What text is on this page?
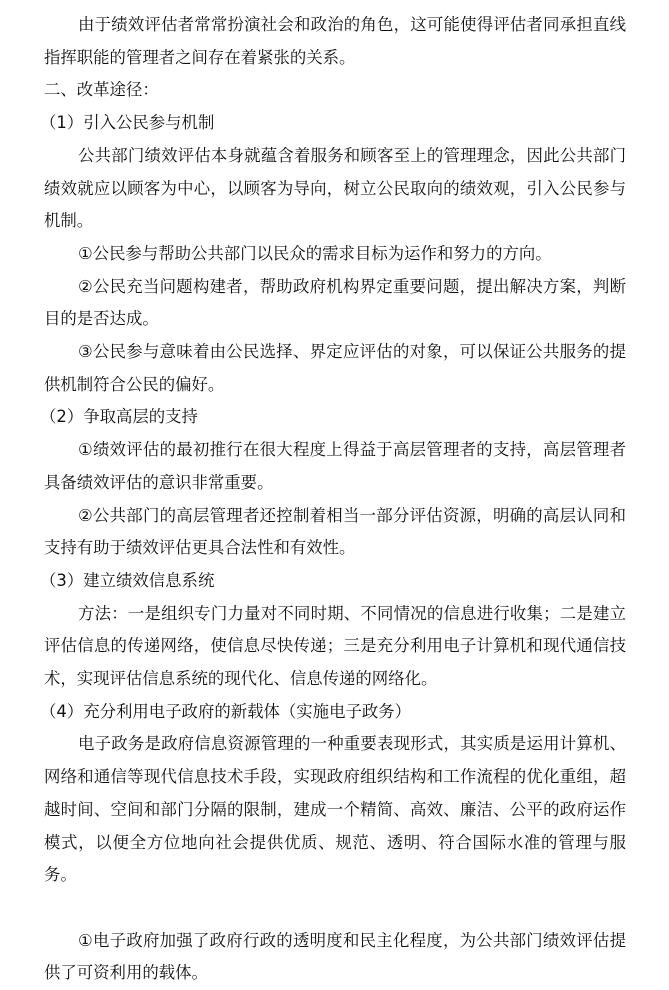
由于绩效评估者常常扮演社会和政治的角色，这可能使得评估者同承担直线指挥职能的管理者之间存在着紧张的关系。

二、改革途径：

（1）引入公民参与机制

公共部门绩效评估本身就蕴含着服务和顾客至上的管理理念，因此公共部门绩效就应以顾客为中心，以顾客为导向，树立公民取向的绩效观，引入公民参与机制。

①公民参与帮助公共部门以民众的需求目标为运作和努力的方向。

②公民充当问题构建者，帮助政府机构界定重要问题，提出解决方案，判断目的是否达成。

③公民参与意味着由公民选择、界定应评估的对象，可以保证公共服务的提供机制符合公民的偏好。

（2）争取高层的支持

①绩效评估的最初推行在很大程度上得益于高层管理者的支持，高层管理者具备绩效评估的意识非常重要。

②公共部门的高层管理者还控制着相当一部分评估资源，明确的高层认同和支持有助于绩效评估更具合法性和有效性。

（3）建立绩效信息系统

方法：一是组织专门力量对不同时期、不同情况的信息进行收集；二是建立评估信息的传递网络，使信息尽快传递；三是充分利用电子计算机和现代通信技术，实现评估信息系统的现代化、信息传递的网络化。

（4）充分利用电子政府的新载体（实施电子政务）

电子政务是政府信息资源管理的一种重要表现形式，其实质是运用计算机、网络和通信等现代信息技术手段，实现政府组织结构和工作流程的优化重组，超越时间、空间和部门分隔的限制，建成一个精简、高效、廉洁、公平的政府运作模式，以便全方位地向社会提供优质、规范、透明、符合国际水准的管理与服务。

①电子政府加强了政府行政的透明度和民主化程度，为公共部门绩效评估提供了可资利用的载体。
